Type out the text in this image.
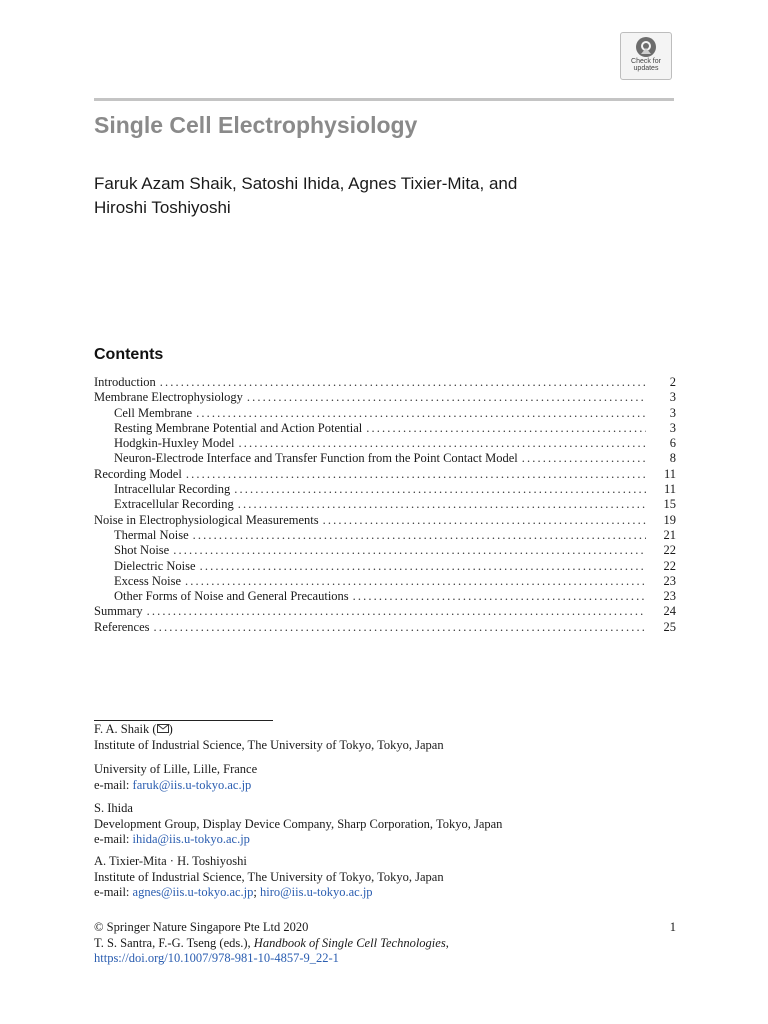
Check for
updates
Single Cell Electrophysiology
Faruk Azam Shaik, Satoshi Ihida, Agnes Tixier-Mita, and
Hiroshi Toshiyoshi
Contents
Introduction . . .	2
Membrane Electrophysiology . . .	3
Cell Membrane . . .	3
Resting Membrane Potential and Action Potential . . .	3
Hodgkin-Huxley Model . . .	6
Neuron-Electrode Interface and Transfer Function from the Point Contact Model . . .	8
Recording Model . . .	11
Intracellular Recording . . .	11
Extracellular Recording . . .	15
Noise in Electrophysiological Measurements . . .	19
Thermal Noise . . .	21
Shot Noise . . .	22
Dielectric Noise . . .	22
Excess Noise . . .	23
Other Forms of Noise and General Precautions . . .	23
Summary . . .	24
References . . .	25
F. A. Shaik ( )
Institute of Industrial Science, The University of Tokyo, Tokyo, Japan
University of Lille, Lille, France
e-mail: faruk@iis.u-tokyo.ac.jp
S. Ihida
Development Group, Display Device Company, Sharp Corporation, Tokyo, Japan
e-mail: ihida@iis.u-tokyo.ac.jp
A. Tixier-Mita · H. Toshiyoshi
Institute of Industrial Science, The University of Tokyo, Tokyo, Japan
e-mail: agnes@iis.u-tokyo.ac.jp; hiro@iis.u-tokyo.ac.jp
© Springer Nature Singapore Pte Ltd 2020
T. S. Santra, F.-G. Tseng (eds.), Handbook of Single Cell Technologies,
https://doi.org/10.1007/978-981-10-4857-9_22-1
1
